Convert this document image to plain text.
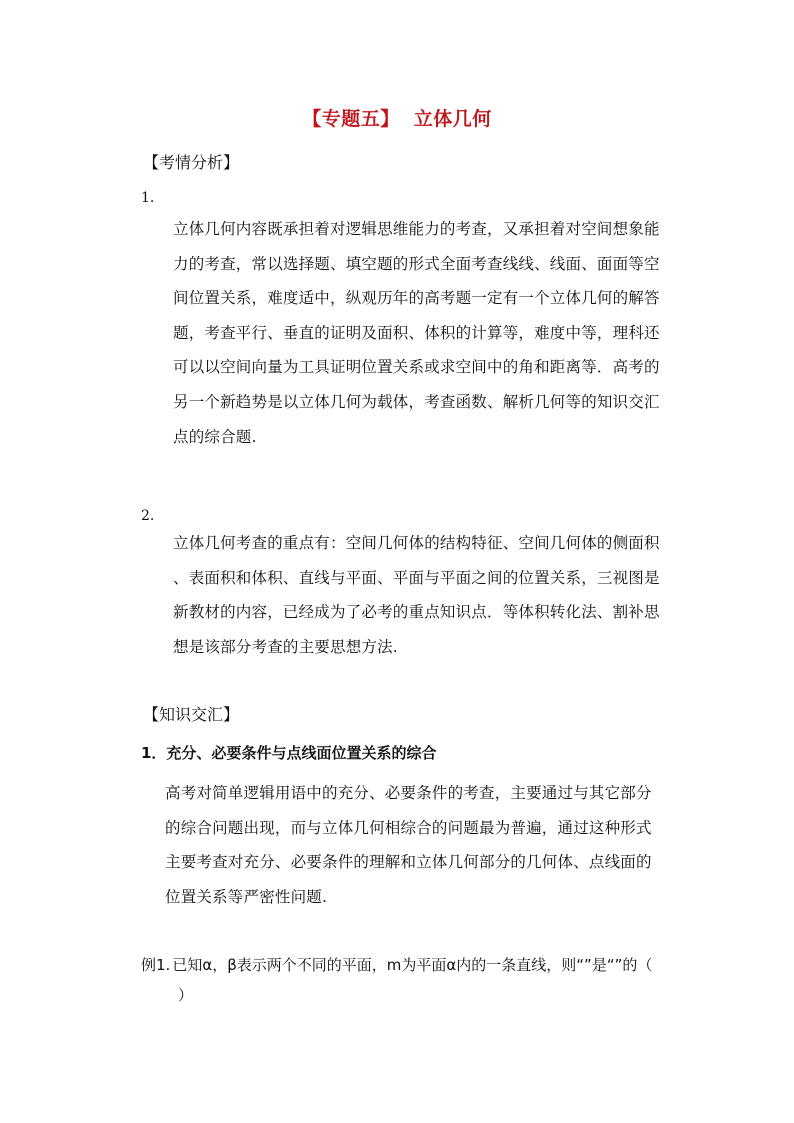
【专题五】 立体几何
【考情分析】
1.
立体几何内容既承担着对逻辑思维能力的考查，又承担着对空间想象能
力的考查，常以选择题、填空题的形式全面考查线线、线面、面面等空
间位置关系，难度适中，纵观历年的高考题一定有一个立体几何的解答
题，考查平行、垂直的证明及面积、体积的计算等，难度中等，理科还
可以以空间向量为工具证明位置关系或求空间中的角和距离等．高考的
另一个新趋势是以立体几何为载体，考查函数、解析几何等的知识交汇
点的综合题.
2.
立体几何考查的重点有：空间几何体的结构特征、空间几何体的侧面积
、表面积和体积、直线与平面、平面与平面之间的位置关系，三视图是
新教材的内容，已经成为了必考的重点知识点．等体积转化法、割补思
想是该部分考查的主要思想方法.
【知识交汇】
1．充分、必要条件与点线面位置关系的综合
高考对简单逻辑用语中的充分、必要条件的考查，主要通过与其它部分
的综合问题出现，而与立体几何相综合的问题最为普遍，通过这种形式
主要考查对充分、必要条件的理解和立体几何部分的几何体、点线面的
位置关系等严密性问题.
例1. 已知α，β表示两个不同的平面，m为平面α内的一条直线，则“”是“”的（
）
